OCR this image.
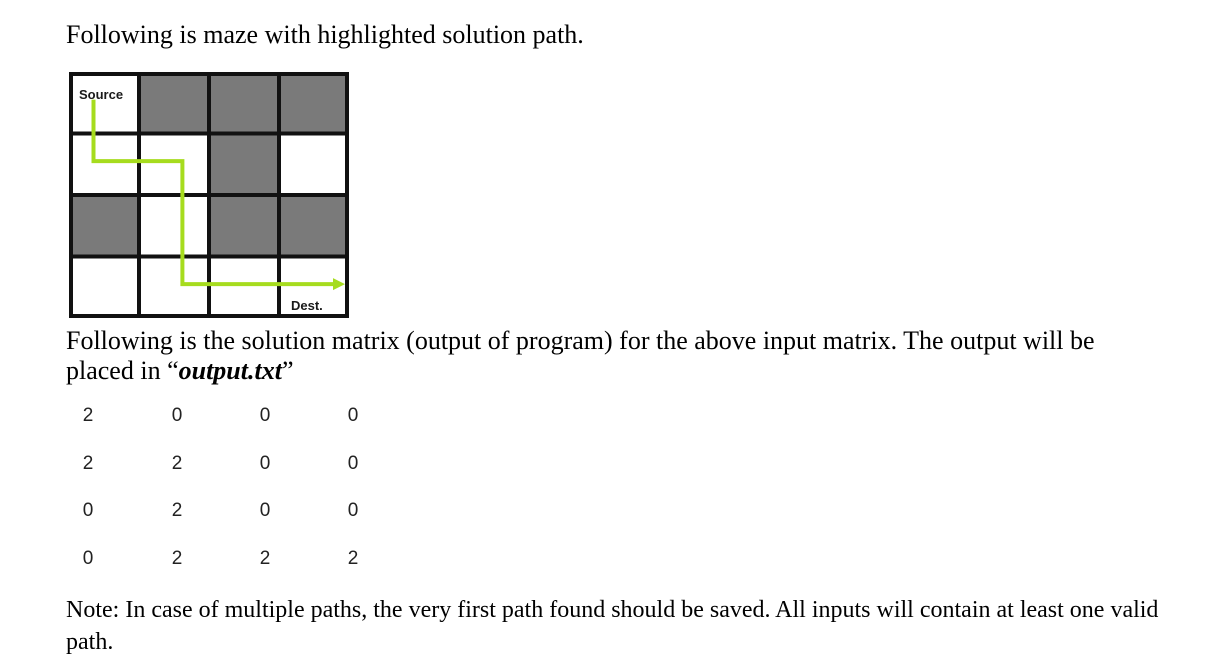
Following is maze with highlighted solution path.
Source
Dest.
Following is the solution matrix (output of program) for the above input matrix. The output will be placed in “output.txt”
2	0	0	0
2	2	0	0
0	2	0	0
0	2	2	2
Note: In case of multiple paths, the very first path found should be saved. All inputs will contain at least one valid path.
